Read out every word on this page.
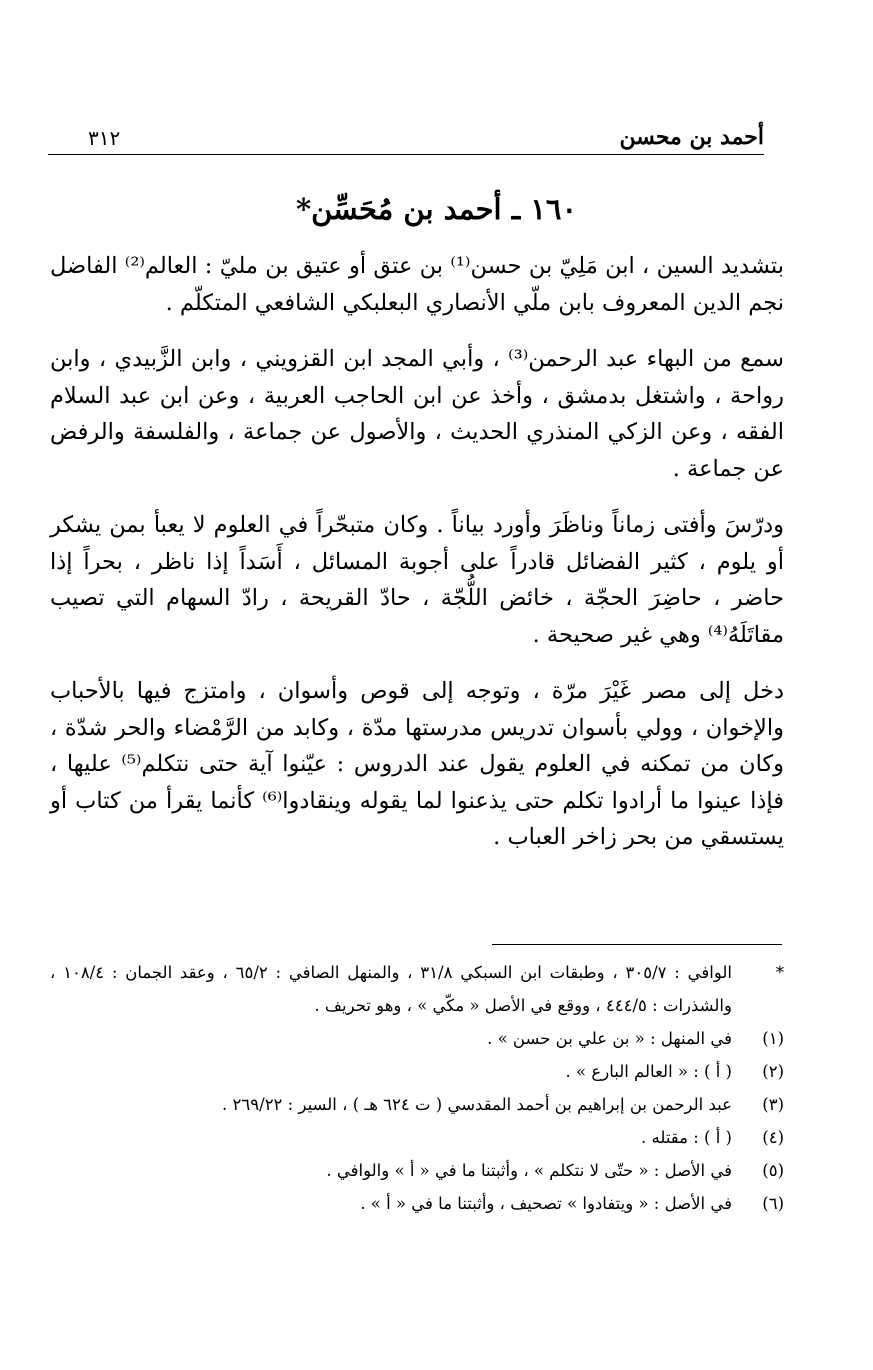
أحمد بن محسن
٣١٢
١٦٠ ـ أحمد بن مُحَسِّن*

بتشديد السين ، ابن مَلِيّ بن حسن⁽¹⁾ بن عتق أو عتيق بن مليّ : العالم⁽²⁾ الفاضل نجم الدين المعروف بابن ملّي الأنصاري البعلبكي الشافعي المتكلّم .

سمع من البهاء عبد الرحمن⁽³⁾ ، وأبي المجد ابن القزويني ، وابن الزَّبيدي ، وابن رواحة ، واشتغل بدمشق ، وأخذ عن ابن الحاجب العربية ، وعن ابن عبد السلام الفقه ، وعن الزكي المنذري الحديث ، والأصول عن جماعة ، والفلسفة والرفض عن جماعة .

ودرّسَ وأفتى زماناً وناظَرَ وأورد بياناً . وكان متبحّراً في العلوم لا يعبأ بمن يشكر أو يلوم ، كثير الفضائل قادراً على أجوبة المسائل ، أَسَداً إذا ناظر ، بحراً إذا حاضر ، حاضِرَ الحجّة ، خائض اللُّجّة ، حادّ القريحة ، رادّ السهام التي تصيب مقاتَلَهُ⁽⁴⁾ وهي غير صحيحة .

دخل إلى مصر غَيْرَ مرّة ، وتوجه إلى قوص وأسوان ، وامتزج فيها بالأحباب والإخوان ، وولي بأسوان تدريس مدرستها مدّة ، وكابد من الرَّمْضاء والحر شدّة ، وكان من تمكنه في العلوم يقول عند الدروس : عيّنوا آية حتى نتكلم⁽⁵⁾ عليها ، فإذا عينوا ما أرادوا تكلم حتى يذعنوا لما يقوله وينقادوا⁽⁶⁾ كأنما يقرأ من كتاب أو يستسقي من بحر زاخر العباب .

*
الوافي : ٣٠٥/٧ ، وطبقات ابن السبكي ٣١/٨ ، والمنهل الصافي : ٦٥/٢ ، وعقد الجمان : ١٠٨/٤ ، والشذرات : ٤٤٤/٥ ، ووقع في الأصل « مكّي » ، وهو تحريف .
(١)
في المنهل : « بن علي بن حسن » .
(٢)
( أ ) : « العالم البارع » .
(٣)
عبد الرحمن بن إبراهيم بن أحمد المقدسي ( ت ٦٢٤ هـ ) ، السير : ٢٦٩/٢٢ .
(٤)
( أ ) : مقتله .
(٥)
في الأصل : « حتّى لا نتكلم » ، وأثبتنا ما في « أ » والوافي .
(٦)
في الأصل : « ويتفادوا » تصحيف ، وأثبتنا ما في « أ » .
